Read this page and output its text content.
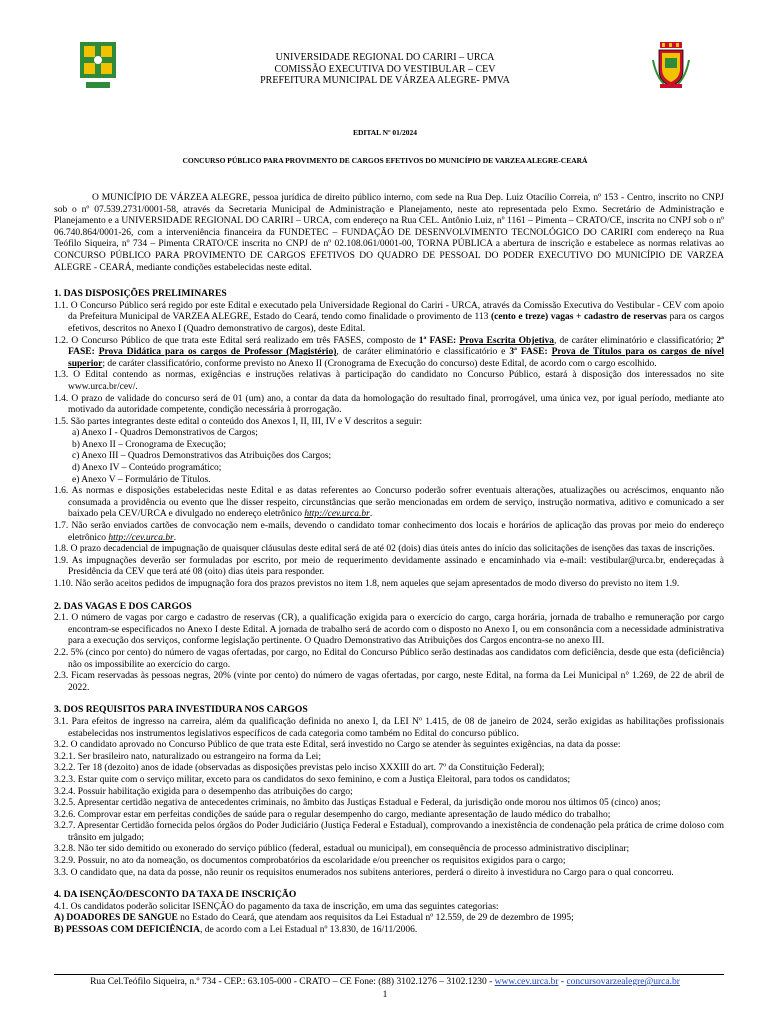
UNIVERSIDADE REGIONAL DO CARIRI – URCA
COMISSÃO EXECUTIVA DO VESTIBULAR – CEV
PREFEITURA MUNICIPAL DE VÁRZEA ALEGRE- PMVA
EDITAL Nº 01/2024
CONCURSO PÚBLICO PARA PROVIMENTO DE CARGOS EFETIVOS DO MUNICÍPIO DE VARZEA ALEGRE-CEARÁ

O MUNICÍPIO DE VÁRZEA ALEGRE, pessoa jurídica de direito público interno, com sede na Rua Dep. Luiz Otacílio Correia, nº 153 - Centro, inscrito no CNPJ sob o nº 07.539.2731/0001-58, através da Secretaria Municipal de Administração e Planejamento, neste ato representada pelo Exmo. Secretário de Administração e Planejamento e a UNIVERSIDADE REGIONAL DO CARIRI – URCA, com endereço na Rua CEL. Antônio Luiz, nº 1161 – Pimenta – CRATO/CE, inscrita no CNPJ sob o nº 06.740.864/0001-26, com a interveniência financeira da FUNDETEC – FUNDAÇÃO DE DESENVOLVIMENTO TECNOLÓGICO DO CARIRI com endereço na Rua Teófilo Siqueira, nº 734 – Pimenta CRATO/CE inscrita no CNPJ de nº 02.108.061/0001-00, TORNA PÚBLICA a abertura de inscrição e estabelece as normas relativas ao CONCURSO PÚBLICO PARA PROVIMENTO DE CARGOS EFETIVOS DO QUADRO DE PESSOAL DO PODER EXECUTIVO DO MUNICÍPIO DE VARZEA ALEGRE - CEARÁ, mediante condições estabelecidas neste edital.

1. DAS DISPOSIÇÕES PRELIMINARES

1.1. O Concurso Público será regido por este Edital e executado pela Universidade Regional do Cariri - URCA, através da Comissão Executiva do Vestibular - CEV com apoio da Prefeitura Municipal de VARZEA ALEGRE, Estado do Ceará, tendo como finalidade o provimento de 113 (cento e treze) vagas + cadastro de reservas para os cargos efetivos, descritos no Anexo I (Quadro demonstrativo de cargos), deste Edital.

1.2. O Concurso Público de que trata este Edital será realizado em três FASES, composto de 1ª FASE: Prova Escrita Objetiva, de caráter eliminatório e classificatório; 2ª FASE: Prova Didática para os cargos de Professor (Magistério), de caráter eliminatório e classificatório e 3ª FASE: Prova de Títulos para os cargos de nível superior; de caráter classificatório, conforme previsto no Anexo II (Cronograma de Execução do concurso) deste Edital, de acordo com o cargo escolhido.

1.3. O Edital contendo as normas, exigências e instruções relativas à participação do candidato no Concurso Público, estará à disposição dos interessados no site www.urca.br/cev/.

1.4. O prazo de validade do concurso será de 01 (um) ano, a contar da data da homologação do resultado final, prorrogável, uma única vez, por igual período, mediante ato motivado da autoridade competente, condição necessária à prorrogação.

1.5. São partes integrantes deste edital o conteúdo dos Anexos I, II, III, IV e V descritos a seguir:

a) Anexo I - Quadros Demonstrativos de Cargos;

b) Anexo II – Cronograma de Execução;

c) Anexo III – Quadros Demonstrativos das Atribuições dos Cargos;

d) Anexo IV – Conteúdo programático;

e) Anexo V – Formulário de Títulos.

1.6. As normas e disposições estabelecidas neste Edital e as datas referentes ao Concurso poderão sofrer eventuais alterações, atualizações ou acréscimos, enquanto não consumada a providência ou evento que lhe disser respeito, circunstâncias que serão mencionadas em ordem de serviço, instrução normativa, aditivo e comunicado a ser baixado pela CEV/URCA e divulgado no endereço eletrônico http://cev.urca.br.

1.7. Não serão enviados cartões de convocação nem e-mails, devendo o candidato tomar conhecimento dos locais e horários de aplicação das provas por meio do endereço eletrônico http://cev.urca.br.

1.8. O prazo decadencial de impugnação de quaisquer cláusulas deste edital será de até 02 (dois) dias úteis antes do início das solicitações de isenções das taxas de inscrições.

1.9. As impugnações deverão ser formuladas por escrito, por meio de requerimento devidamente assinado e encaminhado via e-mail: vestibular@urca.br, endereçadas à Presidência da CEV que terá até 08 (oito) dias úteis para responder.

1.10. Não serão aceitos pedidos de impugnação fora dos prazos previstos no item 1.8, nem aqueles que sejam apresentados de modo diverso do previsto no item 1.9.

2. DAS VAGAS E DOS CARGOS

2.1. O número de vagas por cargo e cadastro de reservas (CR), a qualificação exigida para o exercício do cargo, carga horária, jornada de trabalho e remuneração por cargo encontram-se especificados no Anexo I deste Edital. A jornada de trabalho será de acordo com o disposto no Anexo I, ou em consonância com a necessidade administrativa para a execução dos serviços, conforme legislação pertinente. O Quadro Demonstrativo das Atribuições dos Cargos encontra-se no anexo III.

2.2. 5% (cinco por cento) do número de vagas ofertadas, por cargo, no Edital do Concurso Público serão destinadas aos candidatos com deficiência, desde que esta (deficiência) não os impossibilite ao exercício do cargo.

2.3. Ficam reservadas às pessoas negras, 20% (vinte por cento) do número de vagas ofertadas, por cargo, neste Edital, na forma da Lei Municipal n° 1.269, de 22 de abril de 2022.

3. DOS REQUISITOS PARA INVESTIDURA NOS CARGOS

3.1. Para efeitos de ingresso na carreira, além da qualificação definida no anexo I, da LEI Nº 1.415, de 08 de janeiro de 2024, serão exigidas as habilitações profissionais estabelecidas nos instrumentos legislativos específicos de cada categoria como também no Edital do concurso público.

3.2. O candidato aprovado no Concurso Público de que trata este Edital, será investido no Cargo se atender às seguintes exigências, na data da posse:

3.2.1. Ser brasileiro nato, naturalizado ou estrangeiro na forma da Lei;

3.2.2. Ter 18 (dezoito) anos de idade (observadas as disposições previstas pelo inciso XXXIII do art. 7º da Constituição Federal);

3.2.3. Estar quite com o serviço militar, exceto para os candidatos do sexo feminino, e com a Justiça Eleitoral, para todos os candidatos;

3.2.4. Possuir habilitação exigida para o desempenho das atribuições do cargo;

3.2.5. Apresentar certidão negativa de antecedentes criminais, no âmbito das Justiças Estadual e Federal, da jurisdição onde morou nos últimos 05 (cinco) anos;

3.2.6. Comprovar estar em perfeitas condições de saúde para o regular desempenho do cargo, mediante apresentação de laudo médico do trabalho;

3.2.7. Apresentar Certidão fornecida pelos órgãos do Poder Judiciário (Justiça Federal e Estadual), comprovando a inexistência de condenação pela prática de crime doloso com trânsito em julgado;

3.2.8. Não ter sido demitido ou exonerado do serviço público (federal, estadual ou municipal), em consequência de processo administrativo disciplinar;

3.2.9. Possuir, no ato da nomeação, os documentos comprobatórios da escolaridade e/ou preencher os requisitos exigidos para o cargo;

3.3. O candidato que, na data da posse, não reunir os requisitos enumerados nos subitens anteriores, perderá o direito à investidura no Cargo para o qual concorreu.

4. DA ISENÇÃO/DESCONTO DA TAXA DE INSCRIÇÃO

4.1. Os candidatos poderão solicitar ISENÇÃO do pagamento da taxa de inscrição, em uma das seguintes categorias:

A) DOADORES DE SANGUE no Estado do Ceará, que atendam aos requisitos da Lei Estadual nº 12.559, de 29 de dezembro de 1995;

B) PESSOAS COM DEFICIÊNCIA, de acordo com a Lei Estadual nº 13.830, de 16/11/2006.

Rua Cel.Teófilo Siqueira, n.º 734 - CEP.: 63.105-000 - CRATO – CE Fone: (88) 3102.1276 – 3102.1230 - www.cev.urca.br - concursovarzealegre@urca.br
1
